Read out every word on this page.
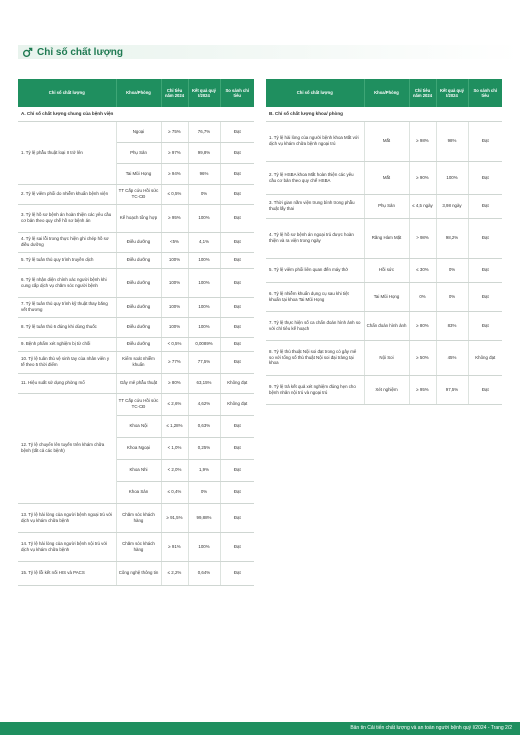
Chỉ số chất lượng
Chỉ số chất lượng	Khoa/Phòng	Chỉ tiêu năm 2024	Kết quả quý I/2024	So sánh chỉ tiêu
A. Chỉ số chất lượng chung của bệnh viện				
1. Tỷ lệ phẫu thuật loại II trở lên	Ngoại	≥ 75%	76,7%	Đạt
	Phụ Sản	≥ 97%	99,8%	Đạt
	Tai Mũi Họng	≥ 94%	96%	Đạt
2. Tỷ lệ viêm phổi do nhiễm khuẩn bệnh viện	TT Cấp cứu Hồi sức TC-CĐ	≤ 0,5%	0%	Đạt
3. Tỷ lệ hồ sơ bệnh án hoàn thiện các yêu cầu cơ bản theo quy chế hồ sơ bệnh án	Kế hoạch tổng hợp	≥ 95%	100%	Đạt
4. Tỷ lệ sai lỗi trong thực hiện ghi chép hồ sơ điều dưỡng	Điều dưỡng	<5%	4,1%	Đạt
5. Tỷ lệ tuân thủ quy trình truyền dịch	Điều dưỡng	100%	100%	Đạt
6. Tỷ lệ nhận diện chính xác người bệnh khi cung cấp dịch vụ chăm sóc người bệnh	Điều dưỡng	100%	100%	Đạt
7. Tỷ lệ tuân thủ quy trình kỹ thuật thay băng vết thương	Điều dưỡng	100%	100%	Đạt
8. Tỷ lệ tuân thủ 6 đúng khi dùng thuốc	Điều dưỡng	100%	100%	Đạt
9. Bệnh phẩm xét nghiệm bị từ chối	Điều dưỡng	< 0,5%	0,0089%	Đạt
10. Tỷ lệ tuân thủ vệ sinh tay của nhân viên y tế theo 5 thời điểm	Kiểm soát nhiễm khuẩn	≥ 77%	77,5%	Đạt
11. Hiệu suất sử dụng phòng mổ	Gây mê phẫu thuật	≥ 80%	63,15%	Không đạt
12. Tỷ lệ chuyển lên tuyến trên khám chữa bệnh (tất cả các bệnh)	TT Cấp cứu Hồi sức TC-CĐ	≤ 2,6%	4,62%	Không đạt
	Khoa Nội	≤ 1,28%	0,63%	Đạt
	Khoa Ngoại	< 1,0%	0,25%	Đạt
	Khoa Nhi	< 2,0%	1,9%	Đạt
	Khoa Sản	≤ 0,4%	0%	Đạt
13. Tỷ lệ hài lòng của người bệnh ngoại trú với dịch vụ khám chữa bệnh	Chăm sóc khách hàng	≥ 91,5%	99,88%	Đạt
14. Tỷ lệ hài lòng của người bệnh nội trú với dịch vụ khám chữa bệnh	Chăm sóc khách hàng	≥ 91%	100%	Đạt
15. Tỷ lệ lỗi kết nối HIS và PACS	Công nghệ thông tin	≤ 2,2%	0,64%	Đạt
Chỉ số chất lượng	Khoa/Phòng	Chỉ tiêu năm 2024	Kết quả quý I/2024	So sánh chỉ tiêu
B. Chỉ số chất lượng khoa/ phòng				
1. Tỷ lệ hài lòng của người bệnh khoa Mắt với dịch vụ khám chữa bệnh ngoại trú	Mắt	≥ 98%	98%	Đạt
2. Tỷ lệ HSBA khoa Mắt hoàn thiện các yêu cầu cơ bản theo quy chế HSBA	Mắt	≥ 90%	100%	Đạt
3. Thời gian nằm viện trung bình trong phẫu thuật lấy thai	Phụ Sản	≤ 4,5 ngày	3,98 ngày	Đạt
4. Tỷ lệ hồ sơ bệnh án ngoại trú được hoàn thiện và ra viện trong ngày	Răng Hàm Mặt	> 98%	98,2%	Đạt
5. Tỷ lệ viêm phổi liên quan đến máy thở	Hồi sức	≤ 30%	0%	Đạt
6. Tỷ lệ nhiễm khuẩn dụng cụ sau khi tiệt khuẩn tại khoa Tai Mũi Họng	Tai Mũi Họng	0%	0%	Đạt
7. Tỷ lệ thực hiện số ca chẩn đoán hình ảnh so với chỉ tiêu kế hoạch	Chẩn đoán hình ảnh	≥ 80%	83%	Đạt
8. Tỷ lệ thủ thuật Nội soi đạt trong có gây mê so với tổng số thủ thuật Nội soi đại tràng tại khoa	Nội Soi	≥ 50%	45%	Không đạt
9. Tỷ lệ trả kết quả xét nghiệm đúng hẹn cho bệnh nhân nội trú và ngoại trú	Xét nghiệm	≥ 95%	97,5%	Đạt
Bản tin Cải tiến chất lượng và an toàn người bệnh quý I/2024 - Trang 2/2
